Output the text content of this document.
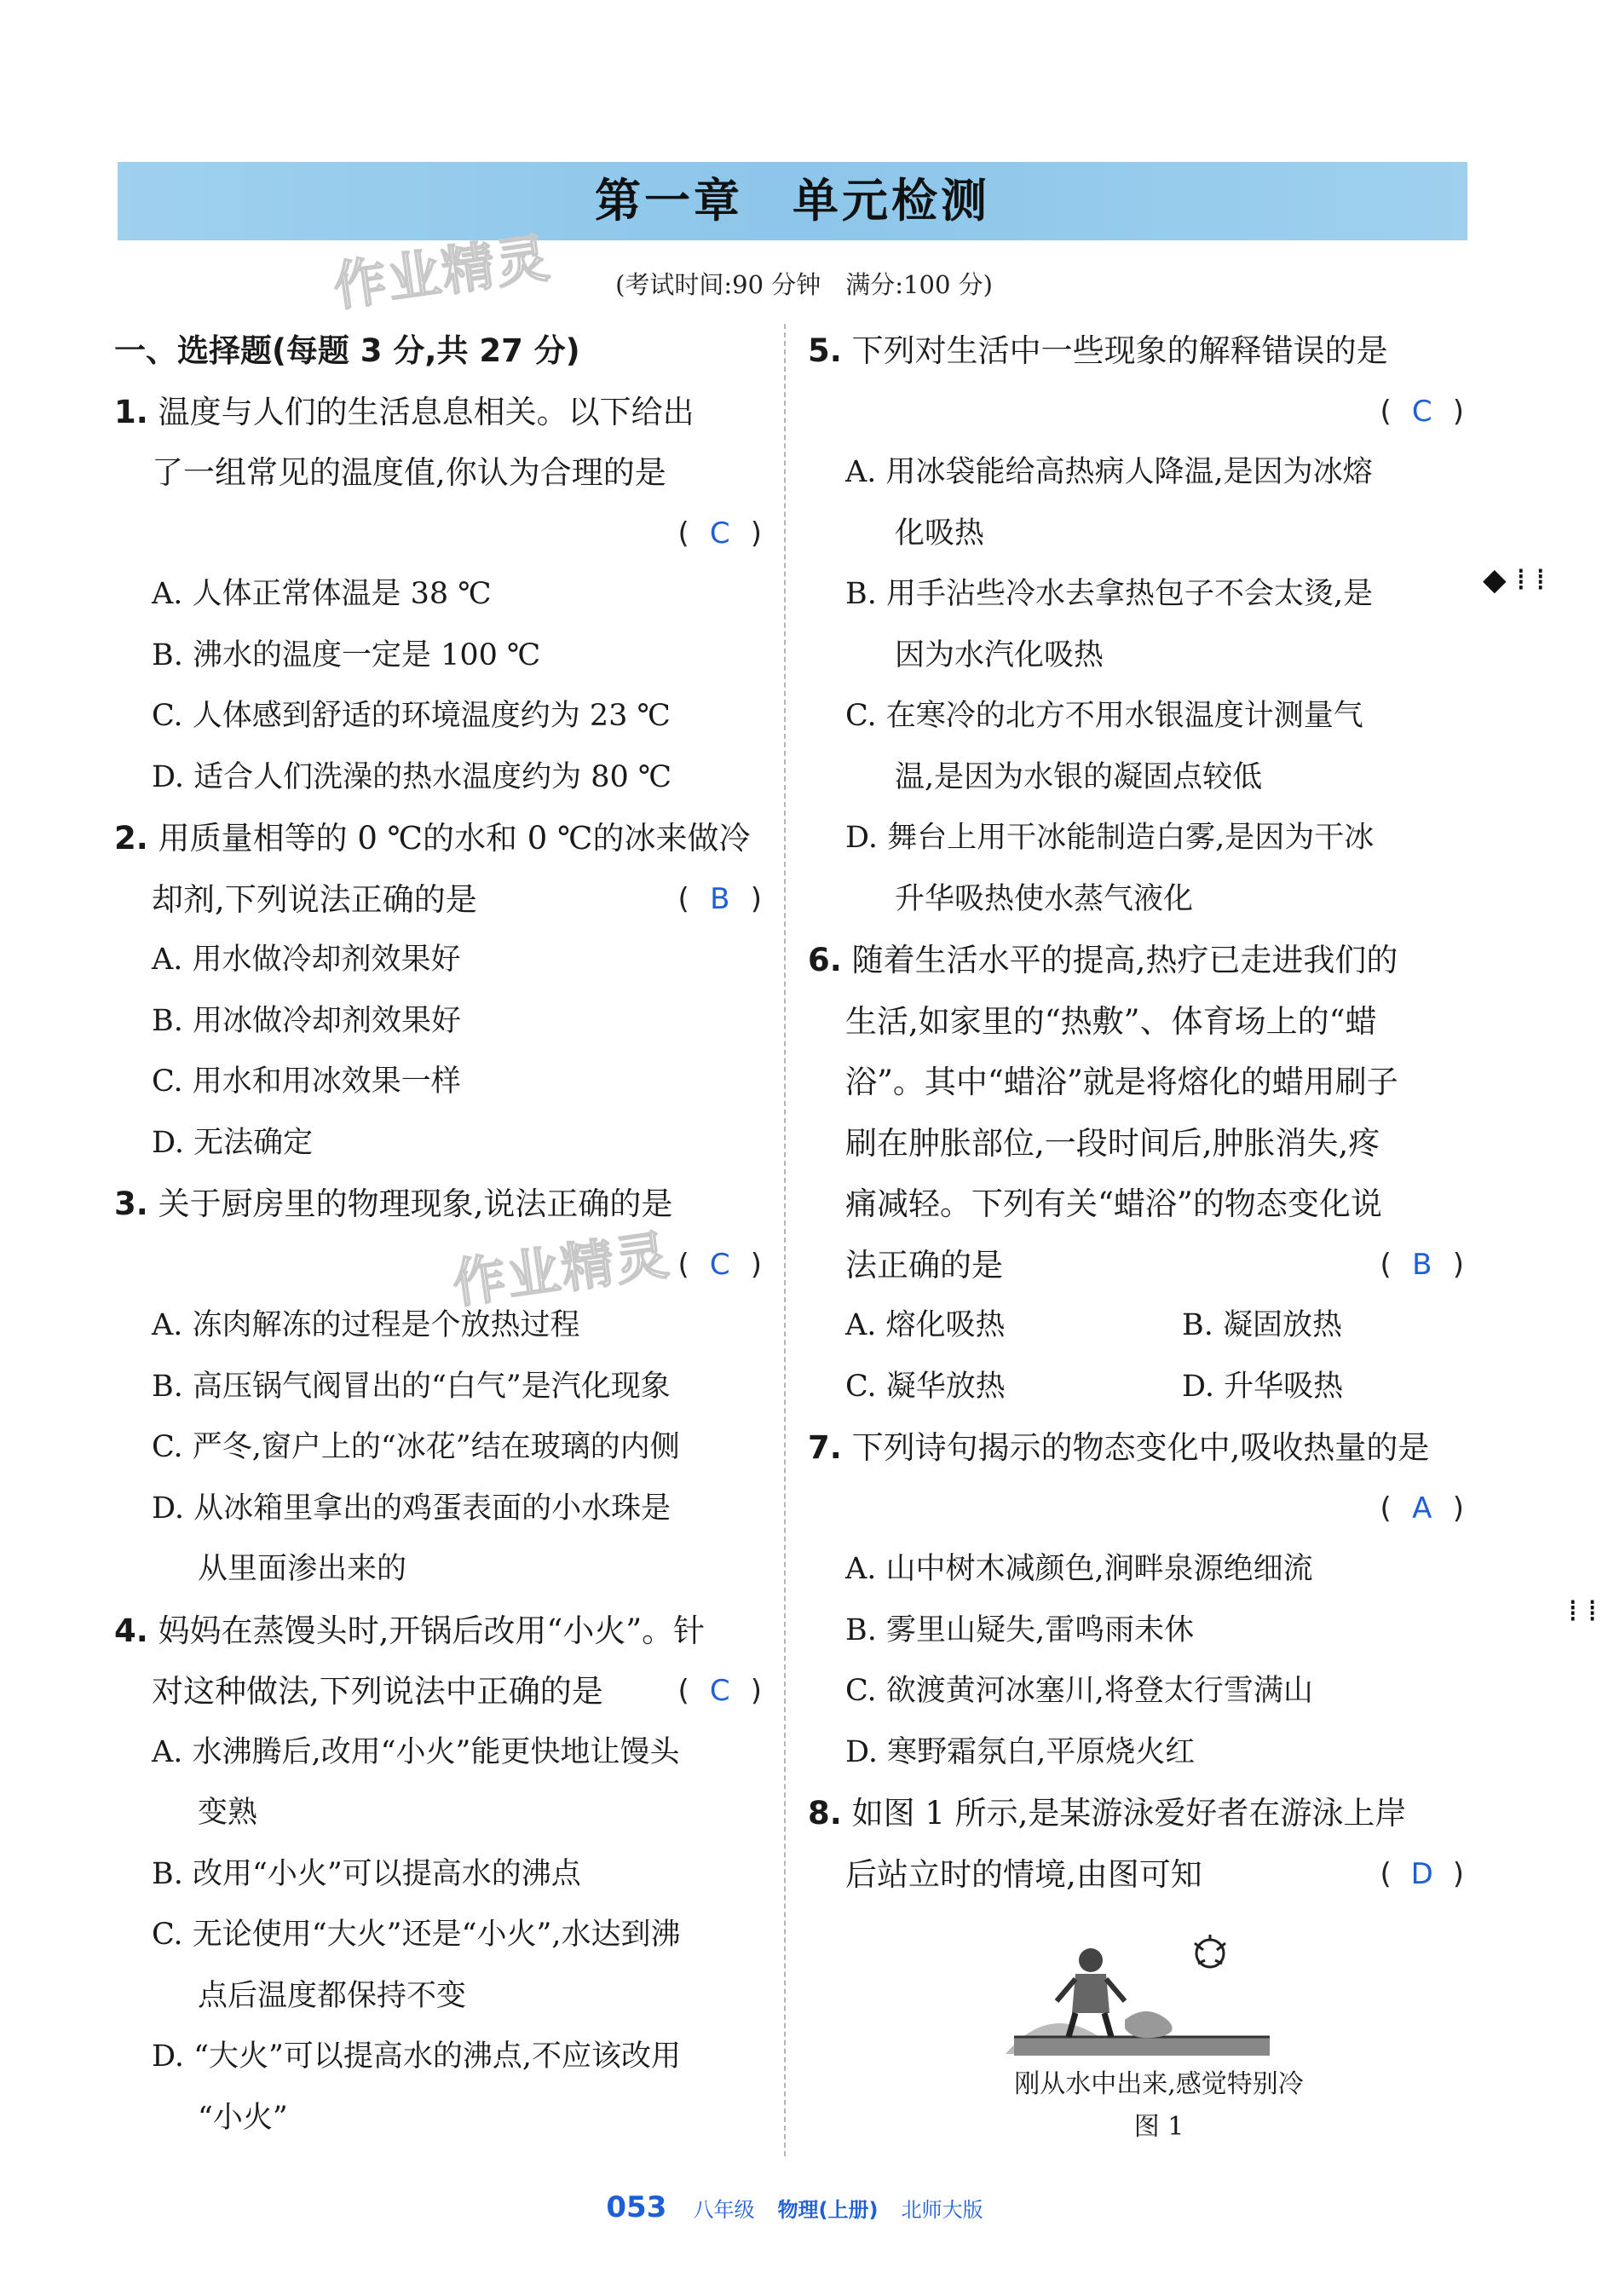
第一章　单元检测
(考试时间:90 分钟　满分:100 分)
作业精灵
作业精灵
一、选择题(每题 3 分,共 27 分)
1. 温度与人们的生活息息相关。以下给出
了一组常见的温度值,你认为合理的是
( C )
A. 人体正常体温是 38 ℃
B. 沸水的温度一定是 100 ℃
C. 人体感到舒适的环境温度约为 23 ℃
D. 适合人们洗澡的热水温度约为 80 ℃
2. 用质量相等的 0 ℃的水和 0 ℃的冰来做冷
却剂,下列说法正确的是	( B )
A. 用水做冷却剂效果好
B. 用冰做冷却剂效果好
C. 用水和用冰效果一样
D. 无法确定
3. 关于厨房里的物理现象,说法正确的是
( C )
A. 冻肉解冻的过程是个放热过程
B. 高压锅气阀冒出的“白气”是汽化现象
C. 严冬,窗户上的“冰花”结在玻璃的内侧
D. 从冰箱里拿出的鸡蛋表面的小水珠是
从里面渗出来的
4. 妈妈在蒸馒头时,开锅后改用“小火”。针
对这种做法,下列说法中正确的是	( C )
A. 水沸腾后,改用“小火”能更快地让馒头
变熟
B. 改用“小火”可以提高水的沸点
C. 无论使用“大火”还是“小火”,水达到沸
点后温度都保持不变
D. “大火”可以提高水的沸点,不应该改用
“小火”
5. 下列对生活中一些现象的解释错误的是
( C )
A. 用冰袋能给高热病人降温,是因为冰熔
化吸热
B. 用手沾些冷水去拿热包子不会太烫,是
因为水汽化吸热
C. 在寒冷的北方不用水银温度计测量气
温,是因为水银的凝固点较低
D. 舞台上用干冰能制造白雾,是因为干冰
升华吸热使水蒸气液化
6. 随着生活水平的提高,热疗已走进我们的
生活,如家里的“热敷”、体育场上的“蜡
浴”。其中“蜡浴”就是将熔化的蜡用刷子
刷在肿胀部位,一段时间后,肿胀消失,疼
痛减轻。下列有关“蜡浴”的物态变化说
法正确的是	( B )
A. 熔化吸热	B. 凝固放热
C. 凝华放热	D. 升华吸热
7. 下列诗句揭示的物态变化中,吸收热量的是
( A )
A. 山中树木减颜色,涧畔泉源绝细流
B. 雾里山疑失,雷鸣雨未休
C. 欲渡黄河冰塞川,将登太行雪满山
D. 寒野霜氛白,平原烧火红
8. 如图 1 所示,是某游泳爱好者在游泳上岸
后站立时的情境,由图可知	( D )
刚从水中出来,感觉特别冷
图 1
◆ ⁞ ⁞
⁞ ⁞
053 八年级 物理(上册) 北师大版
